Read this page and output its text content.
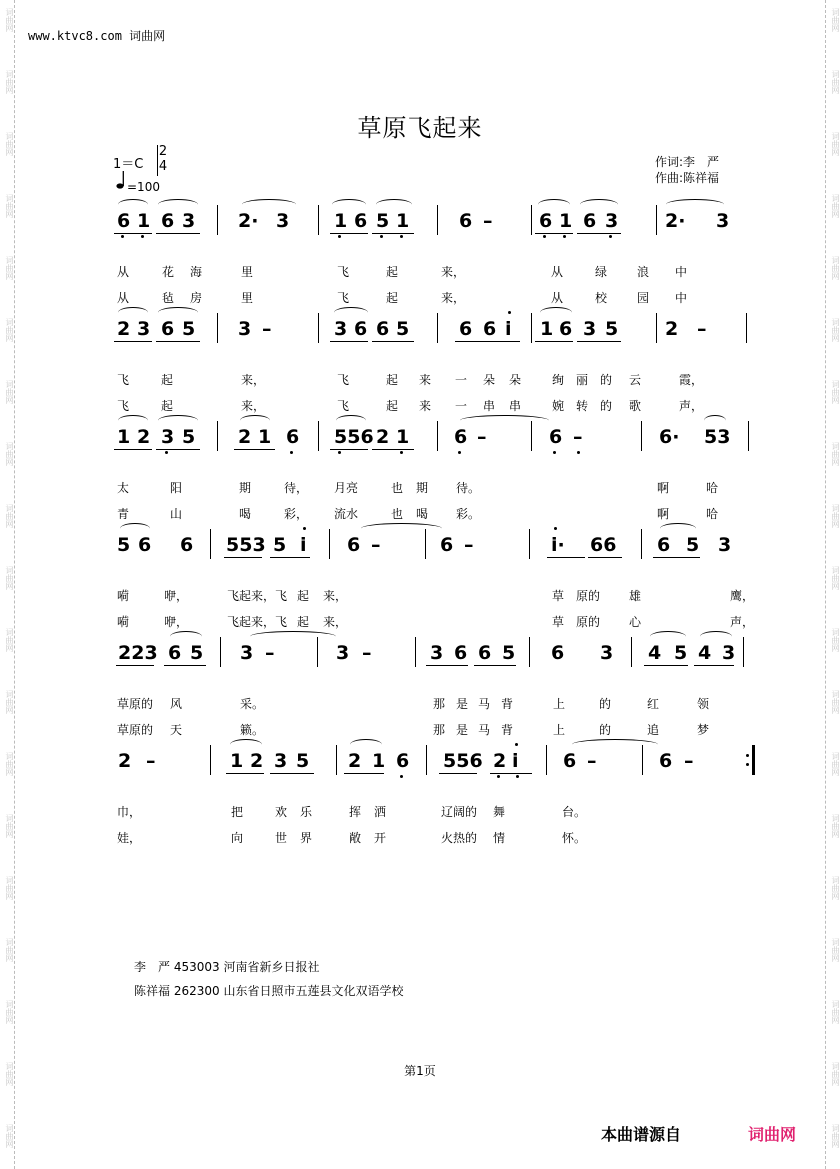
词曲网
词曲网
词曲网
词曲网
词曲网
词曲网
词曲网
词曲网
词曲网
词曲网
词曲网
词曲网
词曲网
词曲网
词曲网
词曲网
词曲网
词曲网
词曲网
词曲网
词曲网
词曲网
词曲网
词曲网
词曲网
词曲网
词曲网
词曲网
词曲网
词曲网
词曲网
词曲网
词曲网
词曲网
词曲网
词曲网
词曲网
词曲网
www.ktvc8.com 词曲网
草原飞起来
1＝C
2
4
=100
作词:李　严
作曲:陈祥福
6 1 6 3 2· 3 1 6 5 1	6 – 6 1 6 3 2· 3
从	花 海	里	飞	起	来，	从	绿 浪 中
从	毡 房	里	飞	起	来，	从	校 园 中
2 3 6 5 3 –	3 6 6 5	6 6 i 1 6 3 5 2 –
飞	起	来，	飞	起 来 一 朵 朵	绚 丽 的 云	霞，
飞	起	来，	飞	起 来 一 串 串	婉 转 的 歌	声，
1 2 3 5 2 1 6 556 2 1 6 –	6 –	6· 53
太	阳	期	待， 月亮	也 期 待。	啊	哈
青	山	喝	彩， 流水	也 喝 彩。	啊	哈
5 6 6 553 5 i 6 –	6 –	i· 66 6 5 3
嗬	咿，	飞起来，飞 起 来，	草 原的 雄	鹰，
嗬	咿，	飞起来，飞 起 来，	草 原的 心	声，
223 6 5 3 –	3 –	3 6 6 5 6 3 4 5 4 3
草原的 风	采。	那 是 马 背	上	的	红	领
草原的 天	籁。	那 是 马 背	上	的	追	梦
2 –	1 2 3 5 2 1 6 556 2 i 6 –	6 –
巾，	把	欢 乐	挥 洒	辽阔的 舞	台。
娃，	向	世 界	敞 开	火热的 情	怀。
李　严 453003 河南省新乡日报社
陈祥福 262300 山东省日照市五莲县文化双语学校
第1页
本曲谱源自	词曲网
